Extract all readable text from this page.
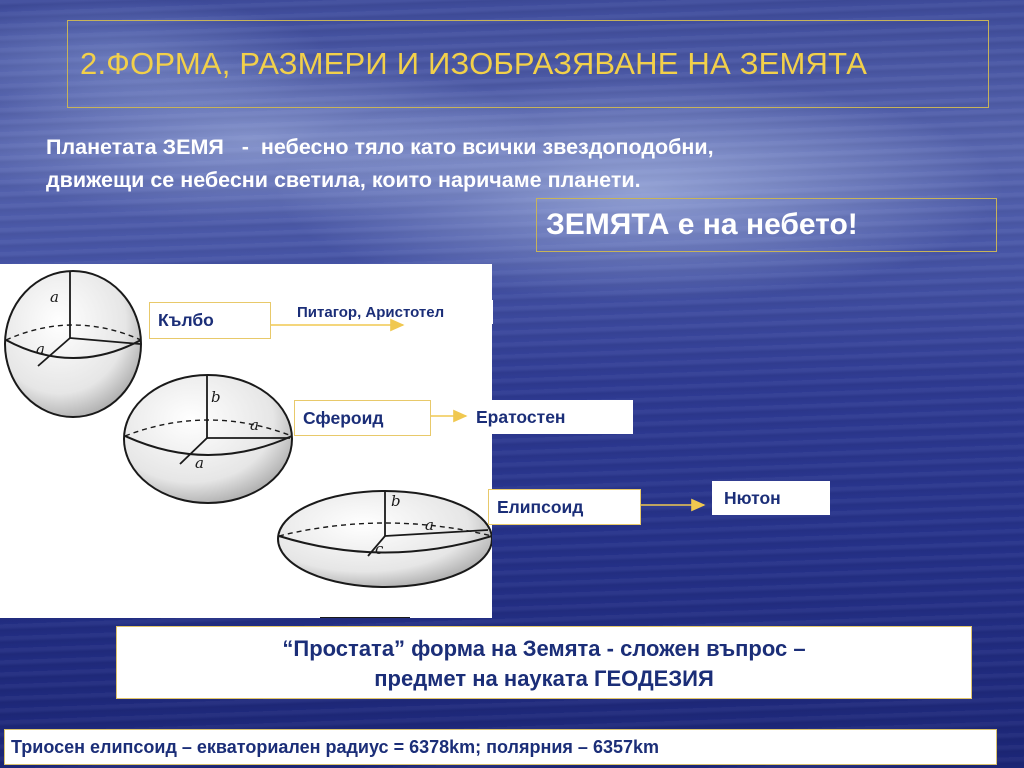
2.ФОРМА, РАЗМЕРИ И ИЗОБРАЗЯВАНЕ НА ЗЕМЯТА
Планетата ЗЕМЯ   -  небесно тяло като всички звездоподобни,
движещи се небесни светила, които наричаме планети.
ЗЕМЯТА е на небето!
a
a
b
a
a
b
a
c
Кълбо	Питагор, Аристотел
Сфероид	Ератостен
Елипсоид	Нютон
“Простата” форма на Земята - сложен въпрос –
предмет на науката ГЕОДЕЗИЯ
Триосен елипсоид – екваториален радиус = 6378km; полярния – 6357km
